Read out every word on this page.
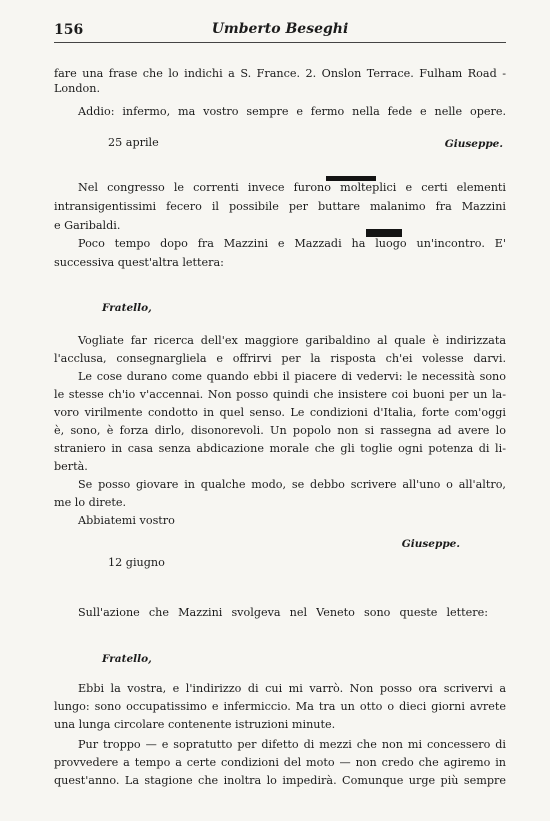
156	Umberto Beseghi
fare una frase che lo indichi a S. France. 2. Onslon Terrace. Fulham Road -
London.
Addio: infermo, ma vostro sempre e fermo nella fede e nelle opere.
25 aprile	Giuseppe.
Nel congresso le correnti invece furono molteplici e certi elementi
intransigentissimi fecero il possibile per buttare malanimo fra Mazzini
e Garibaldi.
Poco tempo dopo fra Mazzini e Mazzadi ha luogo un'incontro. E'
successiva quest'altra lettera:
Fratello,
Vogliate far ricerca dell'ex maggiore garibaldino al quale è indirizzata
l'acclusa, consegnargliela e offrirvi per la risposta ch'ei volesse darvi.
Le cose durano come quando ebbi il piacere di vedervi: le necessità sono
le stesse ch'io v'accennai. Non posso quindi che insistere coi buoni per un la-
voro virilmente condotto in quel senso. Le condizioni d'Italia, forte com'oggi
è, sono, è forza dirlo, disonorevoli. Un popolo non si rassegna ad avere lo
straniero in casa senza abdicazione morale che gli toglie ogni potenza di li-
bertà.
Se posso giovare in qualche modo, se debbo scrivere all'uno o all'altro,
me lo direte.
Abbiatemi vostro
Giuseppe.
12 giugno
Sull'azione che Mazzini svolgeva nel Veneto sono queste lettere:
Fratello,
Ebbi la vostra, e l'indirizzo di cui mi varrò. Non posso ora scrivervi a
lungo: sono occupatissimo e infermiccio. Ma tra un otto o dieci giorni avrete
una lunga circolare contenente istruzioni minute.
Pur troppo — e sopratutto per difetto di mezzi che non mi concessero di
provvedere a tempo a certe condizioni del moto — non credo che agiremo in
quest'anno. La stagione che inoltra lo impedirà. Comunque urge più sempre
